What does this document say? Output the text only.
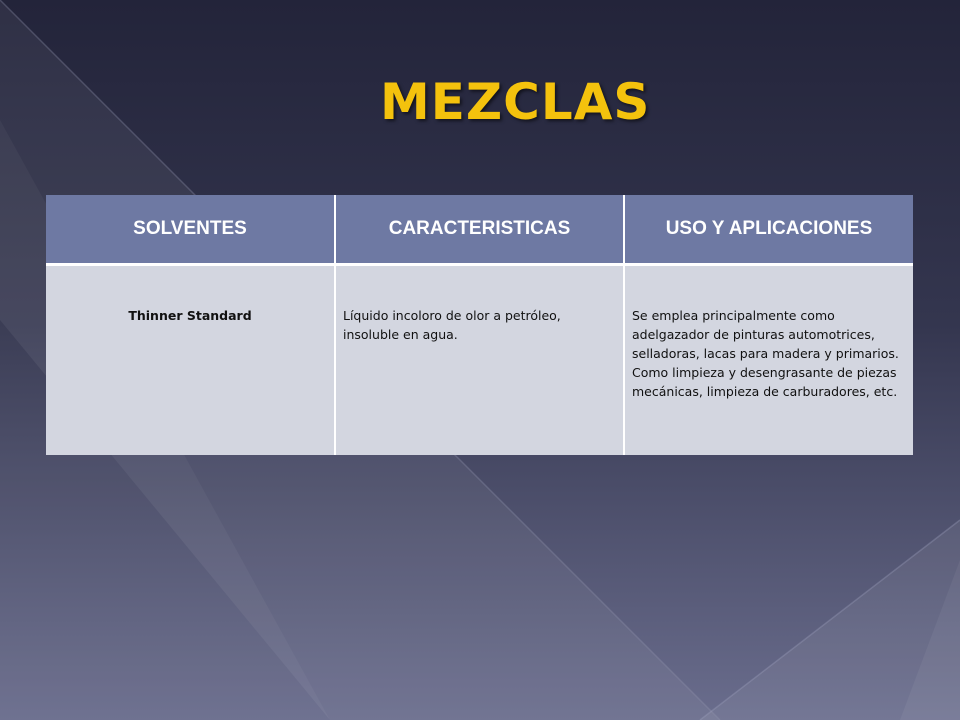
MEZCLAS
SOLVENTES	CARACTERISTICAS	USO Y APLICACIONES
Thinner Standard	Líquido incoloro de olor a petróleo, insoluble en agua.	Se emplea principalmente como adelgazador de pinturas automotrices, selladoras, lacas para madera y primarios. Como limpieza y desengrasante de piezas mecánicas, limpieza de carburadores, etc.
